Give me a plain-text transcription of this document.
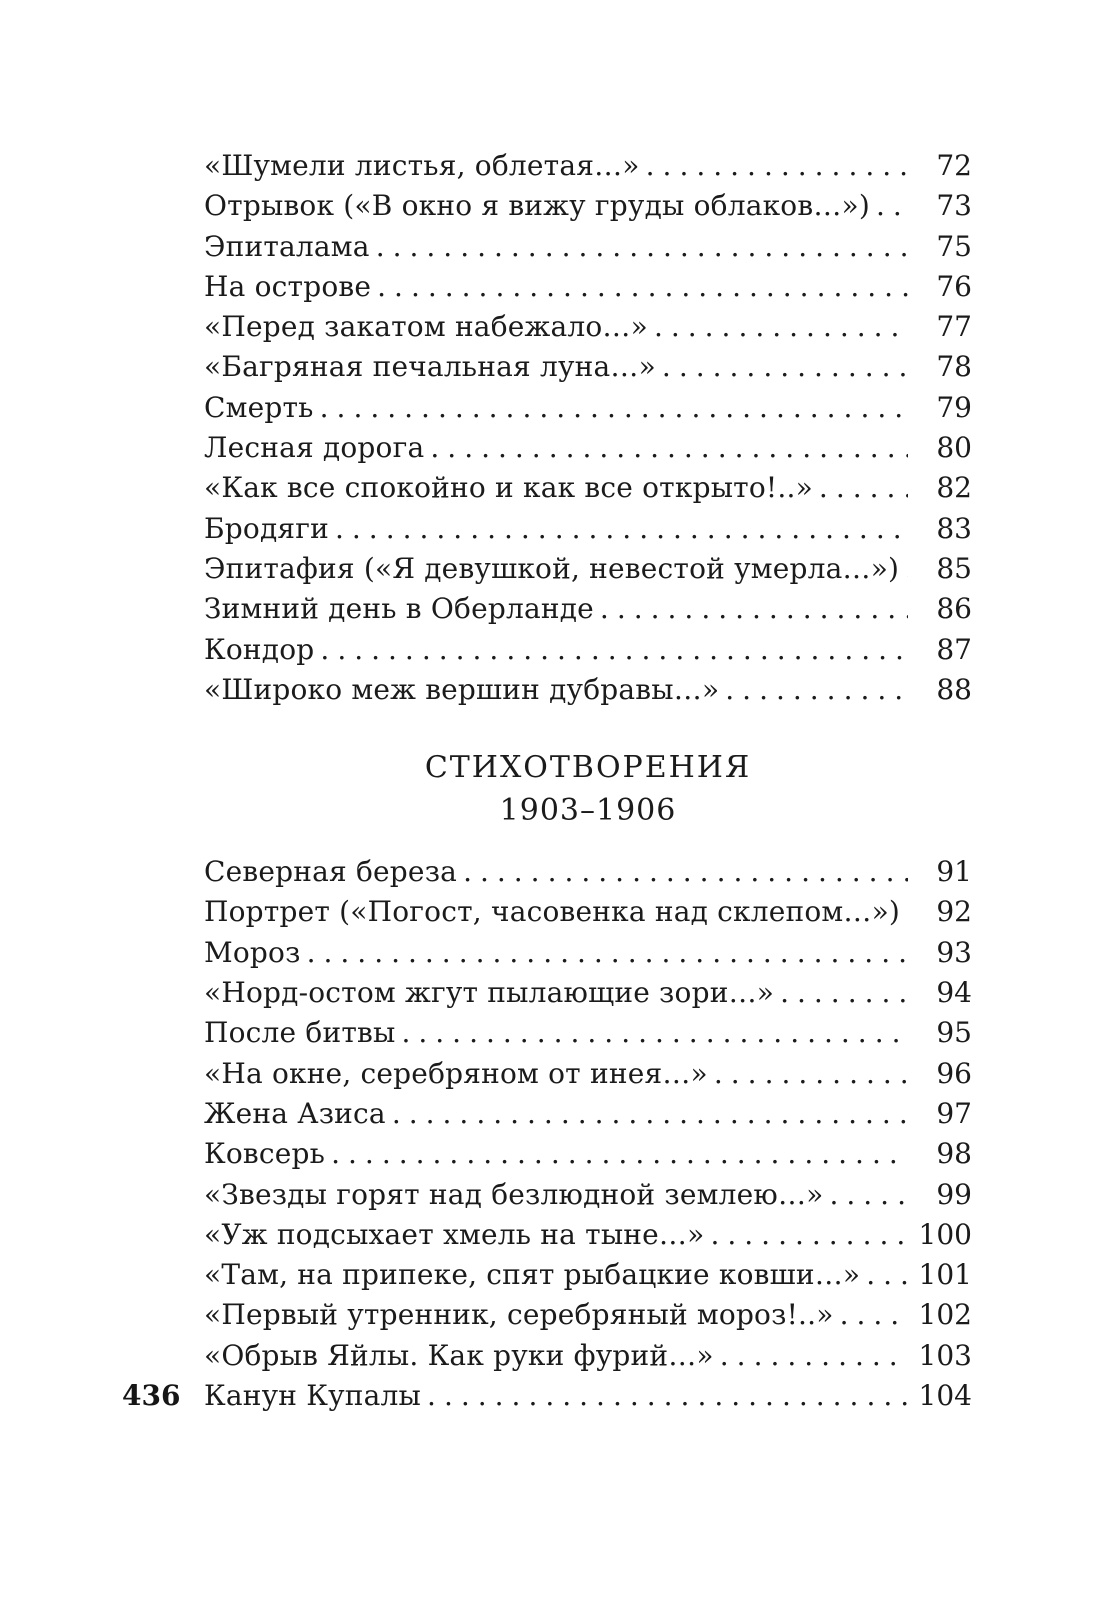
436
«Шумели листья, облетая…» .....	72
Отрывок («В окно я вижу груды облаков…») .....	73
Эпиталама .....	75
На острове .....	76
«Перед закатом набежало…» .....	77
«Багряная печальная луна…» .....	78
Смерть .....	79
Лесная дорога .....	80
«Как все спокойно и как все открыто!..» .....	82
Бродяги .....	83
Эпитафия («Я девушкой, невестой умерла…») .....	85
Зимний день в Оберланде .....	86
Кондор .....	87
«Широко меж вершин дубравы…» .....	88
СТИХОТВОРЕНИЯ
1903–1906
Северная береза .....	91
Портрет («Погост, часовенка над склепом…») .....	92
Мороз .....	93
«Норд-остом жгут пылающие зори…» .....	94
После битвы .....	95
«На окне, серебряном от инея…» .....	96
Жена Азиса .....	97
Ковсерь .....	98
«Звезды горят над безлюдной землею…» .....	99
«Уж подсыхает хмель на тыне…» .....	100
«Там, на припеке, спят рыбацкие ковши…» .....	101
«Первый утренник, серебряный мороз!..» .....	102
«Обрыв Яйлы. Как руки фурий…» .....	103
Канун Купалы .....	104
